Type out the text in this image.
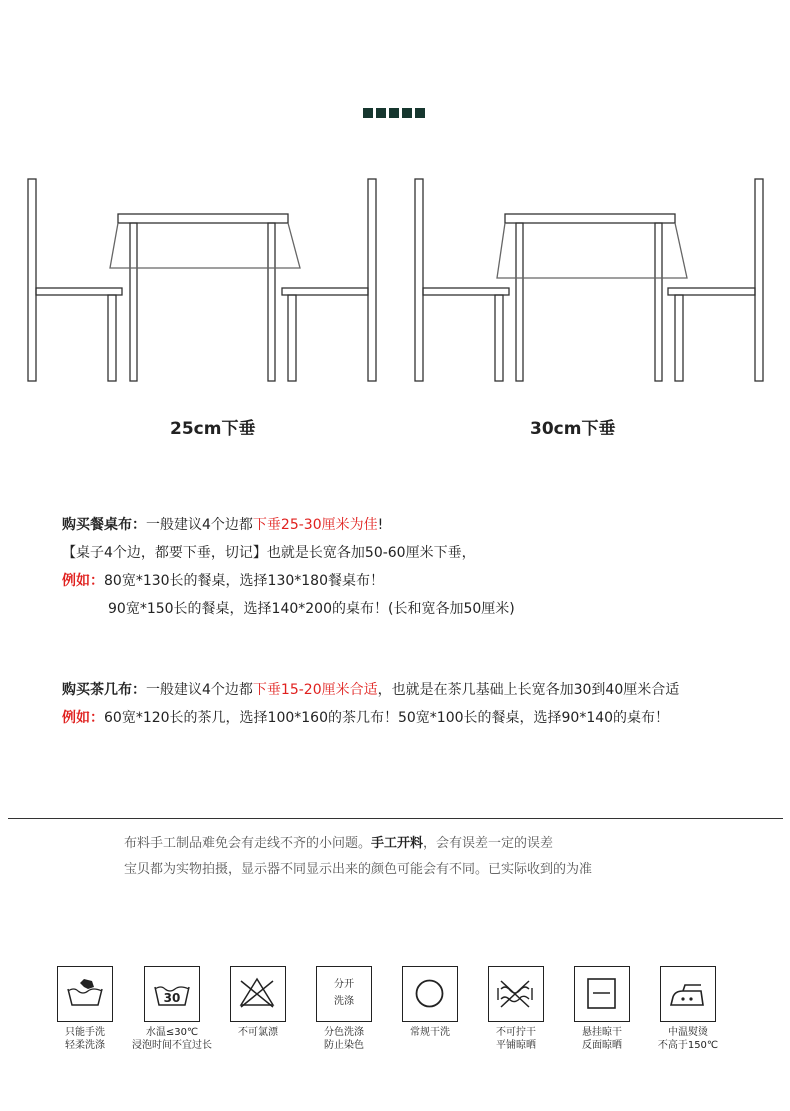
25cm下垂	30cm下垂
购买餐桌布：一般建议4个边都下垂25-30厘米为佳!
【桌子4个边，都要下垂，切记】也就是长宽各加50-60厘米下垂，
例如：80宽*130长的餐桌，选择130*180餐桌布！
90宽*150长的餐桌，选择140*200的桌布！(长和宽各加50厘米)
购买茶几布：一般建议4个边都下垂15-20厘米合适，也就是在茶几基础上长宽各加30到40厘米合适
例如：60宽*120长的茶几，选择100*160的茶几布！50宽*100长的餐桌，选择90*140的桌布！
布料手工制品难免会有走线不齐的小问题。手工开料，会有误差一定的误差
宝贝都为实物拍摄，显示器不同显示出来的颜色可能会有不同。已实际收到的为准
只能手洗
轻柔洗涤
30
水温≤30℃
浸泡时间不宜过长
不可氯漂
分开
洗涤
分色洗涤
防止染色
常规干洗	不可拧干
平铺晾晒
悬挂晾干
反面晾晒
中温熨烫
不高于150℃
